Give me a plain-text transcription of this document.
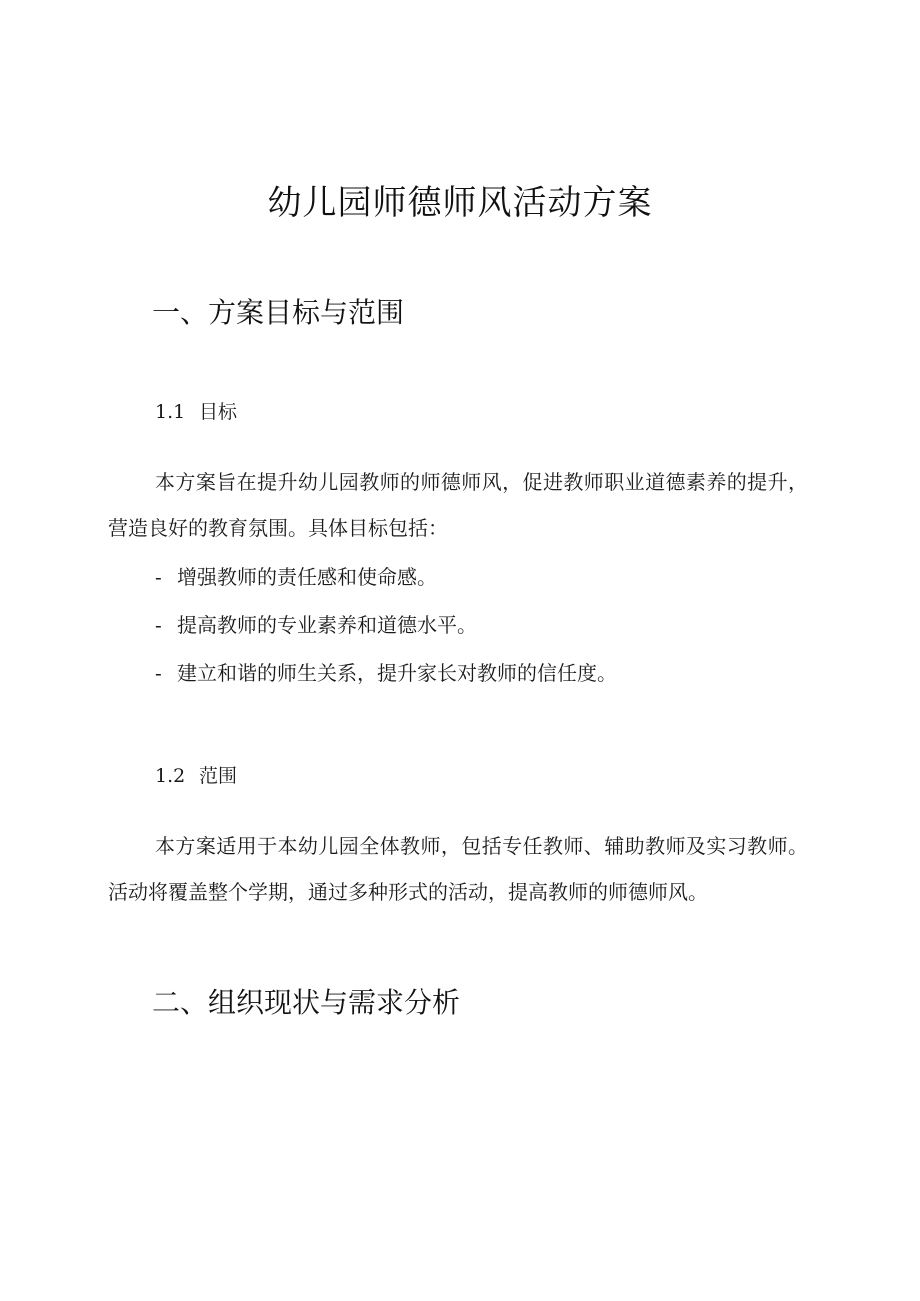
幼儿园师德师风活动方案
一、方案目标与范围
1.1 目标

本方案旨在提升幼儿园教师的师德师风，促进教师职业道德素养的提升，营造良好的教育氛围。具体目标包括：

- 增强教师的责任感和使命感。
- 提高教师的专业素养和道德水平。
- 建立和谐的师生关系，提升家长对教师的信任度。
1.2 范围

本方案适用于本幼儿园全体教师，包括专任教师、辅助教师及实习教师。活动将覆盖整个学期，通过多种形式的活动，提高教师的师德师风。

二、组织现状与需求分析
